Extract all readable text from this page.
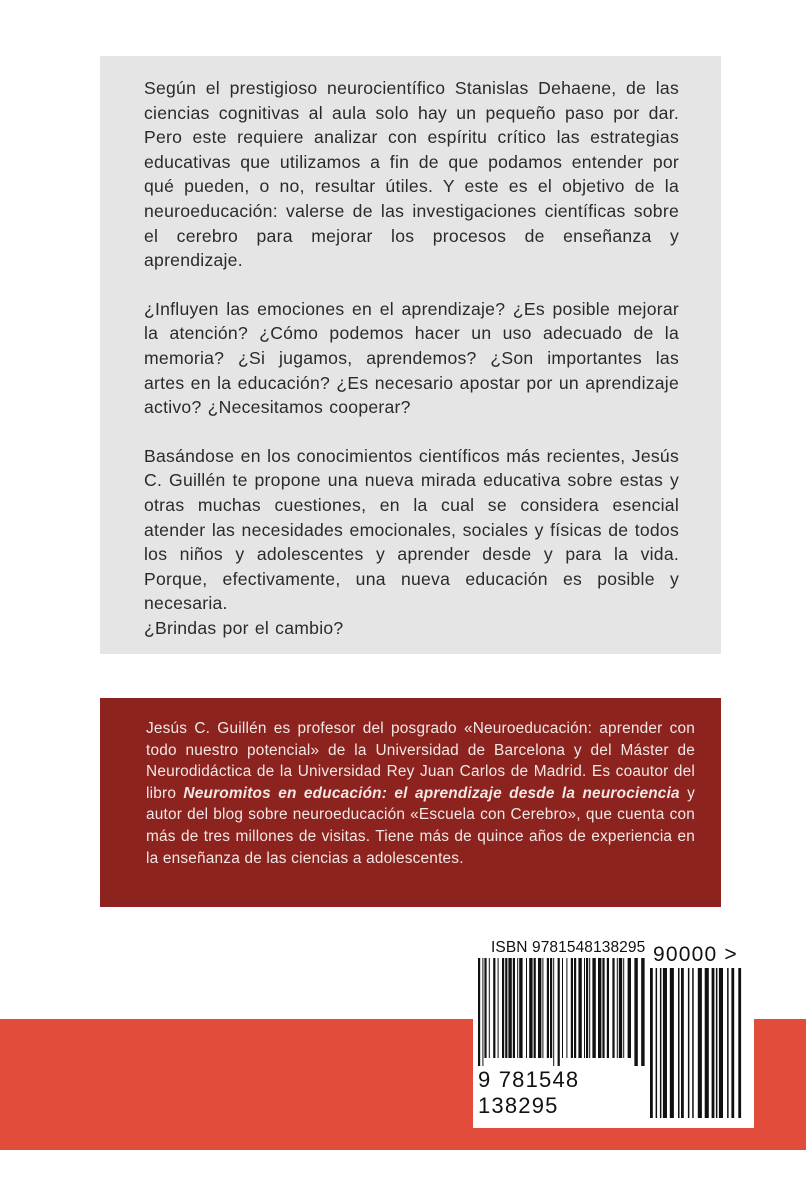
Según el prestigioso neurocientífico Stanislas Dehaene, de las ciencias cognitivas al aula solo hay un pequeño paso por dar. Pero este requiere analizar con espíritu crítico las estrategias educativas que utilizamos a fin de que podamos entender por qué pueden, o no, resultar útiles. Y este es el objetivo de la neuroeducación: valerse de las investigaciones científicas sobre el cerebro para mejorar los procesos de enseñanza y aprendizaje.

¿Influyen las emociones en el aprendizaje? ¿Es posible mejorar la atención? ¿Cómo podemos hacer un uso adecuado de la memoria? ¿Si jugamos, aprendemos? ¿Son importantes las artes en la educación? ¿Es necesario apostar por un aprendizaje activo? ¿Necesitamos cooperar?

Basándose en los conocimientos científicos más recientes, Jesús C. Guillén te propone una nueva mirada educativa sobre estas y otras muchas cuestiones, en la cual se considera esencial atender las necesidades emocionales, sociales y físicas de todos los niños y adolescentes y aprender desde y para la vida. Porque, efectivamente, una nueva educación es posible y necesaria.

¿Brindas por el cambio?

Jesús C. Guillén es profesor del posgrado «Neuroeducación: aprender con todo nuestro potencial» de la Universidad de Barcelona y del Máster de Neurodidáctica de la Universidad Rey Juan Carlos de Madrid. Es coautor del libro Neuromitos en educación: el aprendizaje desde la neurociencia y autor del blog sobre neuroeducación «Escuela con Cerebro», que cuenta con más de tres millones de visitas. Tiene más de quince años de experiencia en la enseñanza de las ciencias a adolescentes.

ISBN 9781548138295
9 781548 138295
90000 >
